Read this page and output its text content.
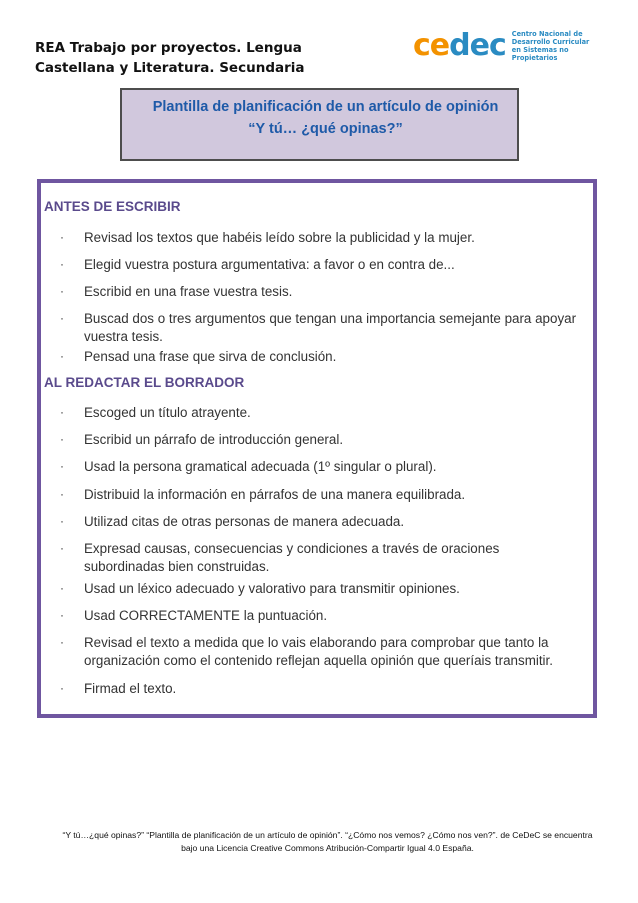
REA Trabajo por proyectos. Lengua
Castellana y Literatura. Secundaria
cedec Centro Nacional de
Desarrollo Curricular
en Sistemas no Propietarios
Plantilla de planificación de un artículo de opinión
“Y tú… ¿qué opinas?”
ANTES DE ESCRIBIR
·	Revisad los textos que habéis leído sobre la publicidad y la mujer.
·	Elegid vuestra postura argumentativa: a favor o en contra de...
·	Escribid en una frase vuestra tesis.
·	Buscad dos o tres argumentos que tengan una importancia semejante para apoyar vuestra tesis.
·	Pensad una frase que sirva de conclusión.
AL REDACTAR EL BORRADOR
·	Escoged un título atrayente.
·	Escribid un párrafo de introducción general.
·	Usad la persona gramatical adecuada (1º singular o plural).
·	Distribuid la información en párrafos de una manera equilibrada.
·	Utilizad citas de otras personas de manera adecuada.
·	Expresad causas, consecuencias y condiciones a través de oraciones subordinadas bien construidas.
·	Usad un léxico adecuado y valorativo para transmitir opiniones.
·	Usad CORRECTAMENTE la puntuación.
·	Revisad el texto a medida que lo vais elaborando para comprobar que tanto la organización como el contenido reflejan aquella opinión que queríais transmitir.
·	Firmad el texto.
“Y tú…¿qué opinas?” “Plantilla de planificación de un artículo de opinión”. “¿Cómo nos vemos? ¿Cómo nos ven?”. de CeDeC se encuentra
bajo una Licencia Creative Commons Atribución-Compartir Igual 4.0 España.
